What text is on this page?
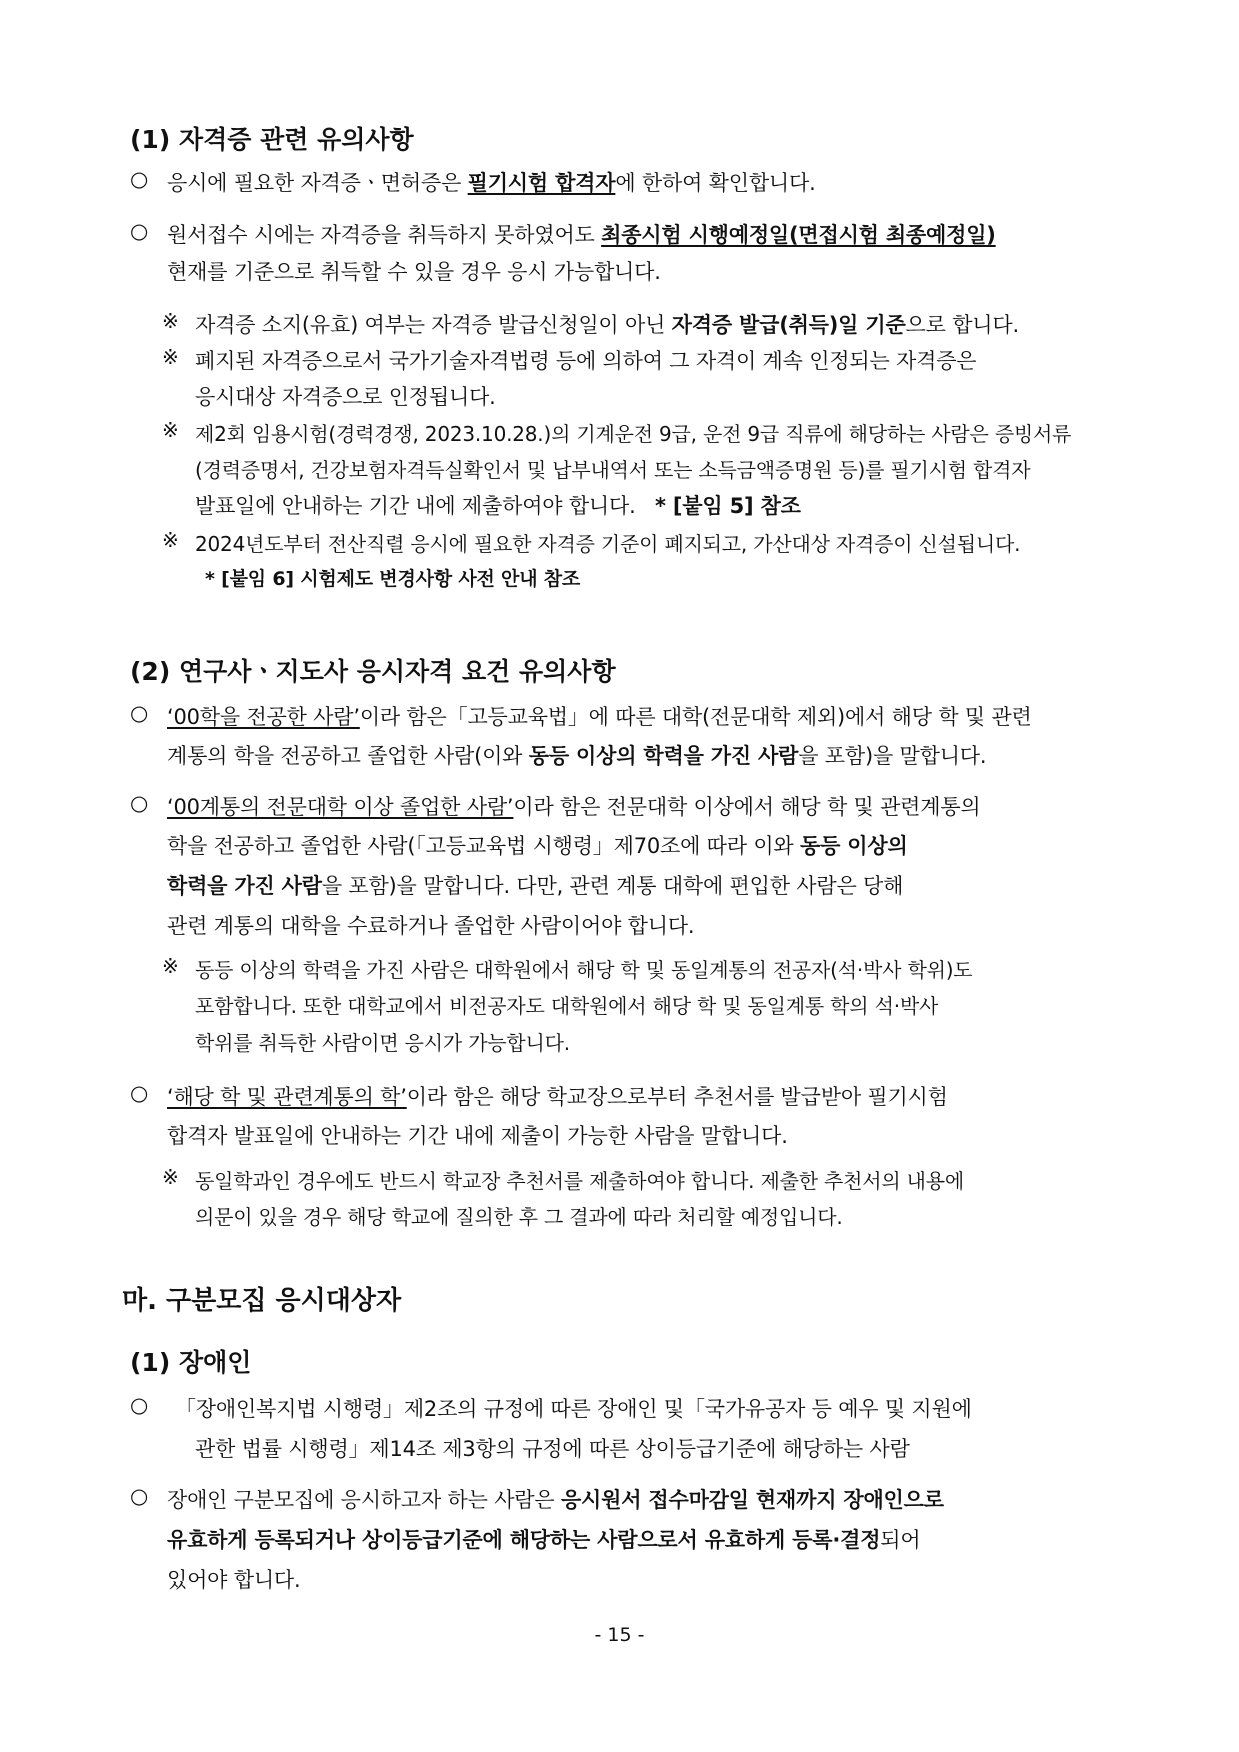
(1) 자격증 관련 유의사항
○ 응시에 필요한 자격증ㆍ면허증은 필기시험 합격자에 한하여 확인합니다.
○ 원서접수 시에는 자격증을 취득하지 못하였어도 최종시험 시행예정일(면접시험 최종예정일)
현재를 기준으로 취득할 수 있을 경우 응시 가능합니다.
※ 자격증 소지(유효) 여부는 자격증 발급신청일이 아닌 자격증 발급(취득)일 기준으로 합니다.
※ 폐지된 자격증으로서 국가기술자격법령 등에 의하여 그 자격이 계속 인정되는 자격증은
응시대상 자격증으로 인정됩니다.
※ 제2회 임용시험(경력경쟁, 2023.10.28.)의 기계운전 9급, 운전 9급 직류에 해당하는 사람은 증빙서류
(경력증명서, 건강보험자격득실확인서 및 납부내역서 또는 소득금액증명원 등)를 필기시험 합격자
발표일에 안내하는 기간 내에 제출하여야 합니다. * [붙임 5] 참조
※ 2024년도부터 전산직렬 응시에 필요한 자격증 기준이 폐지되고, 가산대상 자격증이 신설됩니다.
* [붙임 6] 시험제도 변경사항 사전 안내 참조
(2) 연구사ㆍ지도사 응시자격 요건 유의사항
○ ‘00학을 전공한 사람’이라 함은「고등교육법」에 따른 대학(전문대학 제외)에서 해당 학 및 관련
계통의 학을 전공하고 졸업한 사람(이와 동등 이상의 학력을 가진 사람을 포함)을 말합니다.
○ ‘00계통의 전문대학 이상 졸업한 사람’이라 함은 전문대학 이상에서 해당 학 및 관련계통의
학을 전공하고 졸업한 사람(「고등교육법 시행령」제70조에 따라 이와 동등 이상의
학력을 가진 사람을 포함)을 말합니다. 다만, 관련 계통 대학에 편입한 사람은 당해
관련 계통의 대학을 수료하거나 졸업한 사람이어야 합니다.
※ 동등 이상의 학력을 가진 사람은 대학원에서 해당 학 및 동일계통의 전공자(석·박사 학위)도
포함합니다. 또한 대학교에서 비전공자도 대학원에서 해당 학 및 동일계통 학의 석·박사
학위를 취득한 사람이면 응시가 가능합니다.
○ ‘해당 학 및 관련계통의 학’이라 함은 해당 학교장으로부터 추천서를 발급받아 필기시험
합격자 발표일에 안내하는 기간 내에 제출이 가능한 사람을 말합니다.
※ 동일학과인 경우에도 반드시 학교장 추천서를 제출하여야 합니다. 제출한 추천서의 내용에
의문이 있을 경우 해당 학교에 질의한 후 그 결과에 따라 처리할 예정입니다.
마. 구분모집 응시대상자
(1) 장애인
○ 「장애인복지법 시행령」제2조의 규정에 따른 장애인 및「국가유공자 등 예우 및 지원에
관한 법률 시행령」제14조 제3항의 규정에 따른 상이등급기준에 해당하는 사람
○ 장애인 구분모집에 응시하고자 하는 사람은 응시원서 접수마감일 현재까지 장애인으로
유효하게 등록되거나 상이등급기준에 해당하는 사람으로서 유효하게 등록·결정되어
있어야 합니다.
- 15 -
